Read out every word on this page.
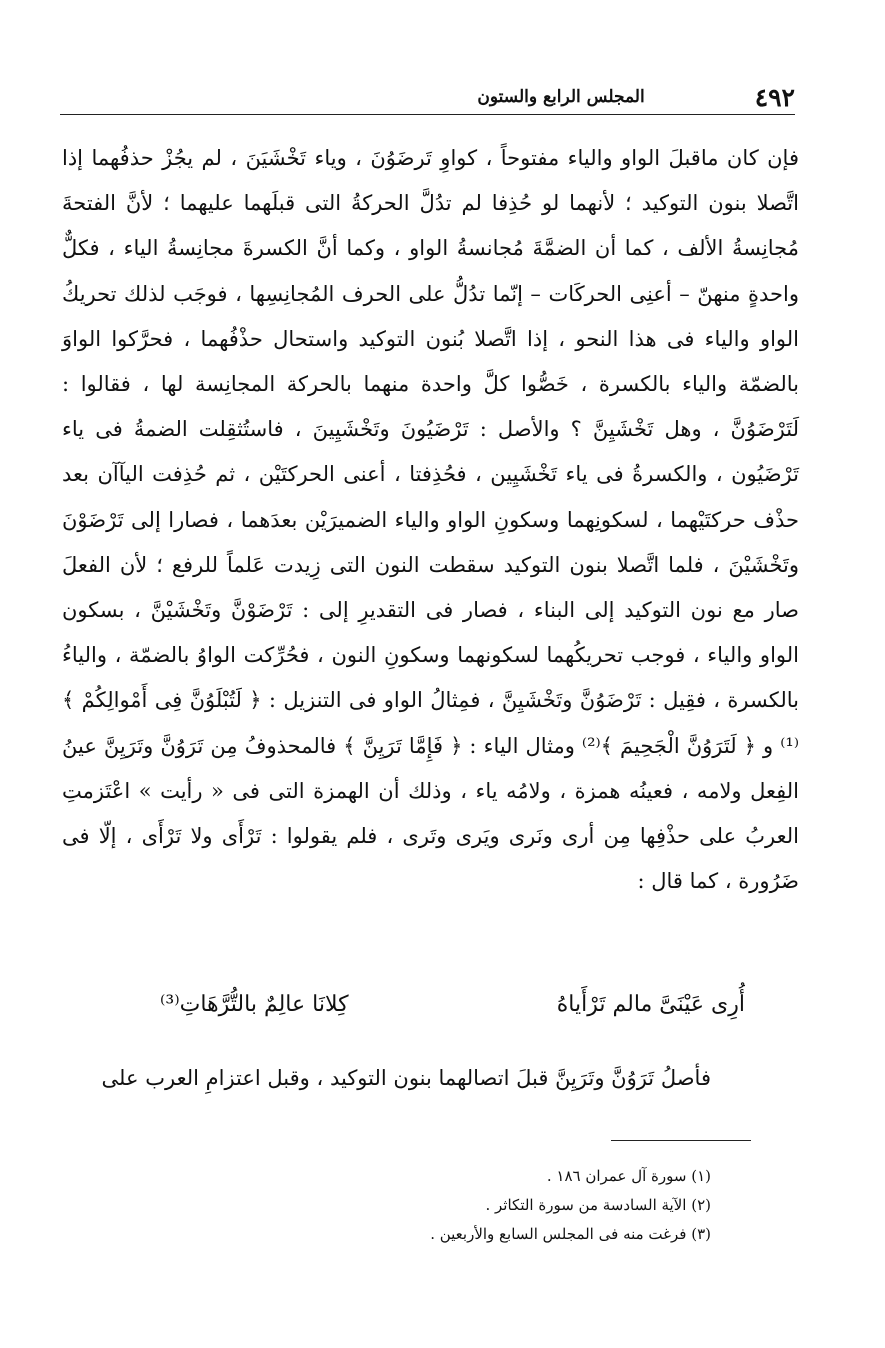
٤٩٢
المجلس الرابع والستون

فإن كان ماقبلَ الواو والياء مفتوحاً ، كواوِ تَرضَوُنَ ، وياء تَخْشَيَنَ ، لم يجُزْ حذفُهما إذا اتَّصلا بنون التوكيد ؛ لأنهما لو حُذِفا لم تدُلَّ الحركةُ التى قبلَهما عليهما ؛ لأنَّ الفتحةَ مُجانِسةُ الألف ، كما أن الضمَّةَ مُجانسةُ الواو ، وكما أنَّ الكسرةَ مجانِسةُ الياء ، فكلٌّ واحدةٍ منهنّ – أعنِى الحركَات – إنّما تدُلُّ على الحرف المُجانِسِها ، فوجَب لذلك تحريكُ الواو والياء فى هذا النحو ، إذا اتَّصلا بُنون التوكيد واستحال حذْفُهما ، فحرَّكوا الواوَ بالضمّة والياء بالكسرة ، خَصُّوا كلَّ واحدة منهما بالحركة المجانِسة لها ، فقالوا : لَتَرْضَوُنَّ ، وهل تَخْشَيِنَّ ؟ والأصل : تَرْضَيُونَ وتَخْشَيِينَ ، فاستُثقِلت الضمةُ فى ياء تَرْضَيُون ، والكسرةُ فى ياء تَخْشَيِين ، فحُذِفتا ، أعنى الحركتَيْن ، ثم حُذِفت اليآآن بعد حذْف حركتَيْهما ، لسكونِهما وسكونِ الواو والياء الضميرَيْن بعدَهما ، فصارا إلى تَرْضَوْنَ وتَخْشَيْنَ ، فلما اتَّصلا بنون التوكيد سقطت النون التى زِيدت عَلماً للرفع ؛ لأن الفعلَ صار مع نون التوكيد إلى البناء ، فصار فى التقديرِ إلى : تَرْضَوْنَّ وتَخْشَيْنَّ ، بسكون الواو والياء ، فوجب تحريكُهما لسكونهما وسكونِ النون ، فحُرِّكت الواوُ بالضمّة ، والياءُ بالكسرة ، فقِيل : تَرْضَوُنَّ وتَخْشَيِنَّ ، فمِثالُ الواو فى التنزيل : ﴿ لَتُبْلَوُنَّ فِى أَمْوالِكُمْ ﴾⁽¹⁾ و ﴿ لَتَرَوُنَّ الْجَحِيمَ ﴾⁽²⁾ ومثال الياء : ﴿ فَإِمَّا تَرَيِنَّ ﴾ فالمحذوفُ مِن تَرَوُنَّ وتَرَيِنَّ عينُ الفِعل ولامه ، فعينُه همزة ، ولامُه ياء ، وذلك أن الهمزة التى فى « رأيت » اعْتَزمتِ العربُ على حذْفِها مِن أرى ونَرى ويَرى وتَرى ، فلم يقولوا : تَرْأَى ولا تَرْأَى ، إلّا فى ضَرُورة ، كما قال :

أُرِى عَيْنَىَّ مالم تَرْأَياهُ
كِلانَا عالِمٌ بالتُّرَّهَاتِ⁽³⁾
فأصلُ تَرَوُنَّ وتَرَيِنَّ قبلَ اتصالهما بنون التوكيد ، وقبل اعتزامِ العرب على
(١) سورة آل عمران ١٨٦ .
(٢) الآية السادسة من سورة التكاثر .
(٣) فرغت منه فى المجلس السابع والأربعين .
